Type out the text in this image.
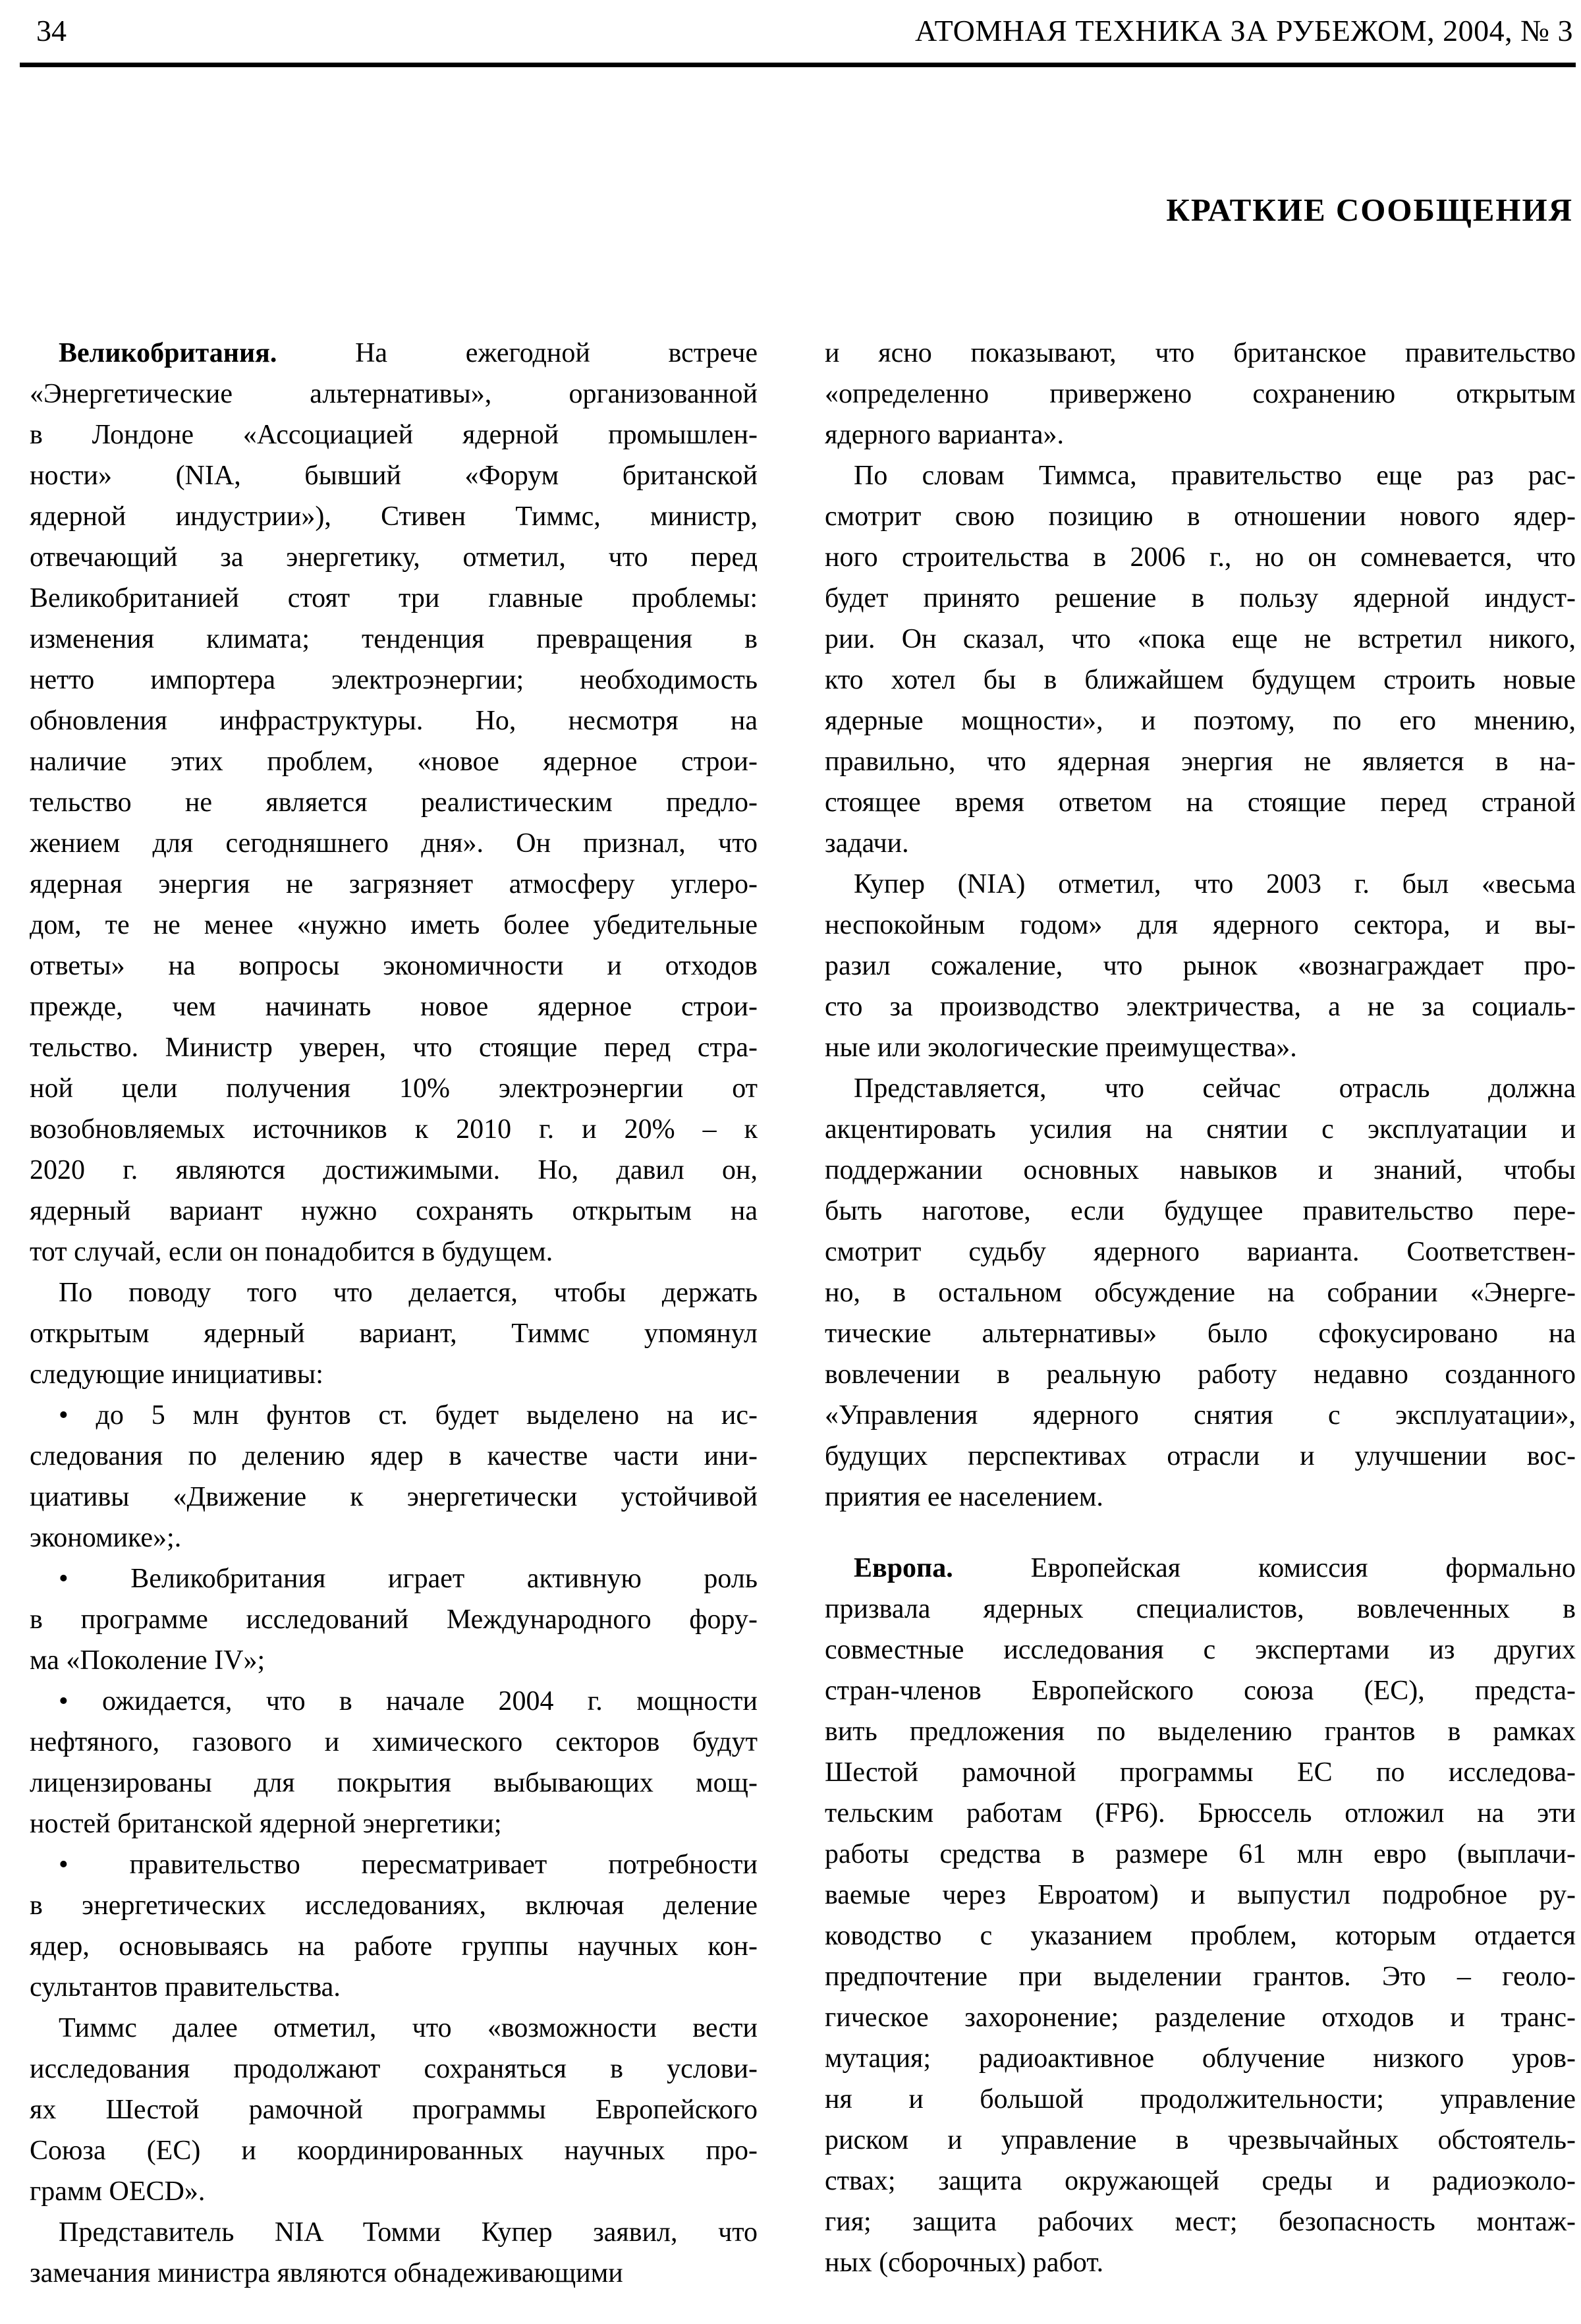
34	АТОМНАЯ ТЕХНИКА ЗА РУБЕЖОМ, 2004, № 3
КРАТКИЕ СООБЩЕНИЯ
Великобритания. На ежегодной встрече
«Энергетические альтернативы», организованной
в Лондоне «Ассоциацией ядерной промышлен-
ности» (NIA, бывший «Форум британской
ядерной индустрии»), Стивен Тиммс, министр,
отвечающий за энергетику, отметил, что перед
Великобританией стоят три главные проблемы:
изменения климата; тенденция превращения в
нетто импортера электроэнергии; необходимость
обновления инфраструктуры. Но, несмотря на
наличие этих проблем, «новое ядерное строи-
тельство не является реалистическим предло-
жением для сегодняшнего дня». Он признал, что
ядерная энергия не загрязняет атмосферу углеро-
дом, те не менее «нужно иметь более убедительные
ответы» на вопросы экономичности и отходов
прежде, чем начинать новое ядерное строи-
тельство. Министр уверен, что стоящие перед стра-
ной цели получения 10% электроэнергии от
возобновляемых источников к 2010 г. и 20% – к
2020 г. являются достижимыми. Но, давил он,
ядерный вариант нужно сохранять открытым на
тот случай, если он понадобится в будущем.
По поводу того что делается, чтобы держать
открытым ядерный вариант, Тиммс упомянул
следующие инициативы:
• до 5 млн фунтов ст. будет выделено на ис-
следования по делению ядер в качестве части ини-
циативы «Движение к энергетически устойчивой
экономике»;.
• Великобритания играет активную роль
в программе исследований Международного фору-
ма «Поколение IV»;
• ожидается, что в начале 2004 г. мощности
нефтяного, газового и химического секторов будут
лицензированы для покрытия выбывающих мощ-
ностей британской ядерной энергетики;
• правительство пересматривает потребности
в энергетических исследованиях, включая деление
ядер, основываясь на работе группы научных кон-
сультантов правительства.
Тиммс далее отметил, что «возможности вести
исследования продолжают сохраняться в услови-
ях Шестой рамочной программы Европейского
Союза (ЕС) и координированных научных про-
грамм OECD».
Представитель NIA Томми Купер заявил, что
замечания министра являются обнадеживающими
и ясно показывают, что британское правительство
«определенно привержено сохранению открытым
ядерного варианта».
По словам Тиммса, правительство еще раз рас-
смотрит свою позицию в отношении нового ядер-
ного строительства в 2006 г., но он сомневается, что
будет принято решение в пользу ядерной индуст-
рии. Он сказал, что «пока еще не встретил никого,
кто хотел бы в ближайшем будущем строить новые
ядерные мощности», и поэтому, по его мнению,
правильно, что ядерная энергия не является в на-
стоящее время ответом на стоящие перед страной
задачи.
Купер (NIA) отметил, что 2003 г. был «весьма
неспокойным годом» для ядерного сектора, и вы-
разил сожаление, что рынок «вознаграждает про-
сто за производство электричества, а не за социаль-
ные или экологические преимущества».
Представляется, что сейчас отрасль должна
акцентировать усилия на снятии с эксплуатации и
поддержании основных навыков и знаний, чтобы
быть наготове, если будущее правительство пере-
смотрит судьбу ядерного варианта. Соответствен-
но, в остальном обсуждение на собрании «Энерге-
тические альтернативы» было сфокусировано на
вовлечении в реальную работу недавно созданного
«Управления ядерного снятия с эксплуатации»,
будущих перспективах отрасли и улучшении вос-
приятия ее населением.
Европа. Европейская комиссия формально
призвала ядерных специалистов, вовлеченных в
совместные исследования с экспертами из других
стран-членов Европейского союза (ЕС), предста-
вить предложения по выделению грантов в рамках
Шестой рамочной программы ЕС по исследова-
тельским работам (FP6). Брюссель отложил на эти
работы средства в размере 61 млн евро (выплачи-
ваемые через Евроатом) и выпустил подробное ру-
ководство с указанием проблем, которым отдается
предпочтение при выделении грантов. Это – геоло-
гическое захоронение; разделение отходов и транс-
мутация; радиоактивное облучение низкого уров-
ня и большой продолжительности; управление
риском и управление в чрезвычайных обстоятель-
ствах; защита окружающей среды и радиоэколо-
гия; защита рабочих мест; безопасность монтаж-
ных (сборочных) работ.
